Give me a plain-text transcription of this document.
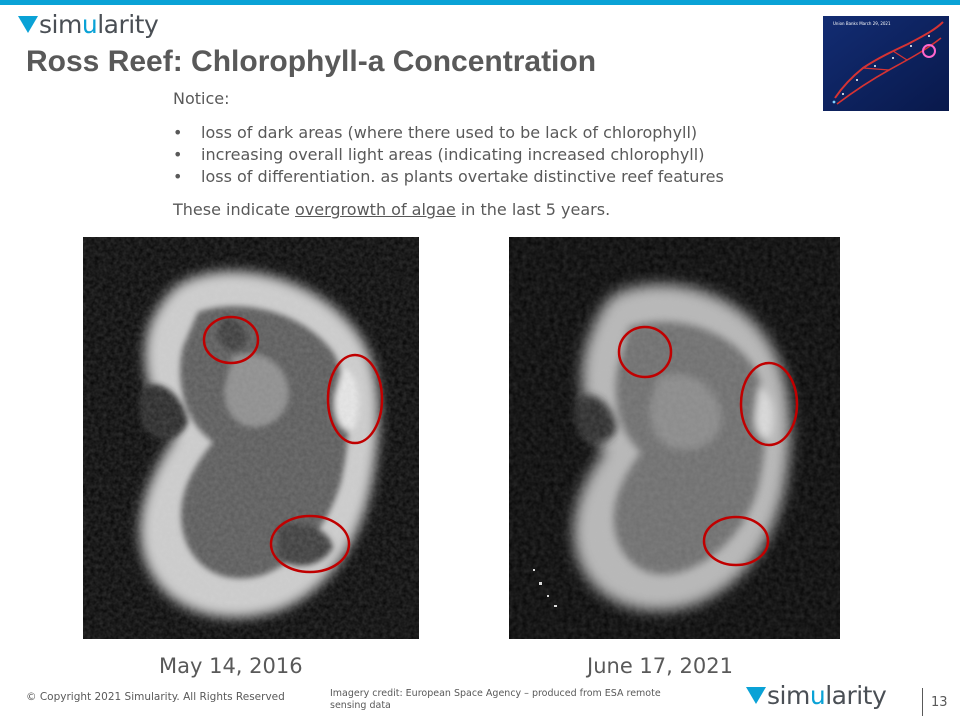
simularity
Ross Reef: Chlorophyll-a Concentration
Union Banks March 29, 2021

Notice:

• loss of dark areas (where there used to be lack of chlorophyll)
• increasing overall light areas (indicating increased chlorophyll)
• loss of differentiation. as plants overtake distinctive reef features

These indicate overgrowth of algae in the last 5 years.

May 14, 2016	June 17, 2021
© Copyright 2021 Simularity. All Rights Reserved	Imagery credit: European Space Agency – produced from ESA remote sensing data	simularity	13
